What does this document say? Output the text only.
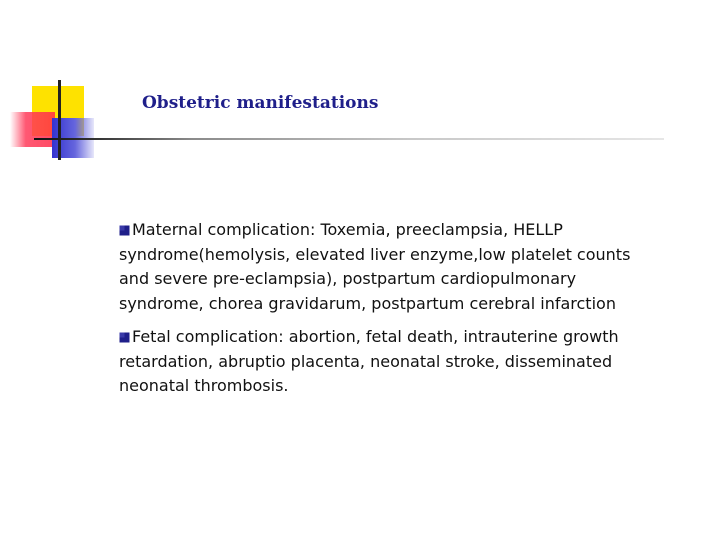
Obstetric manifestations

Maternal complication: Toxemia, preeclampsia, HELLP syndrome(hemolysis, elevated liver enzyme,low platelet counts and severe pre-eclampsia), postpartum cardiopulmonary syndrome, chorea gravidarum, postpartum cerebral infarction

Fetal complication: abortion, fetal death, intrauterine growth retardation, abruptio placenta, neonatal stroke, disseminated neonatal thrombosis.
